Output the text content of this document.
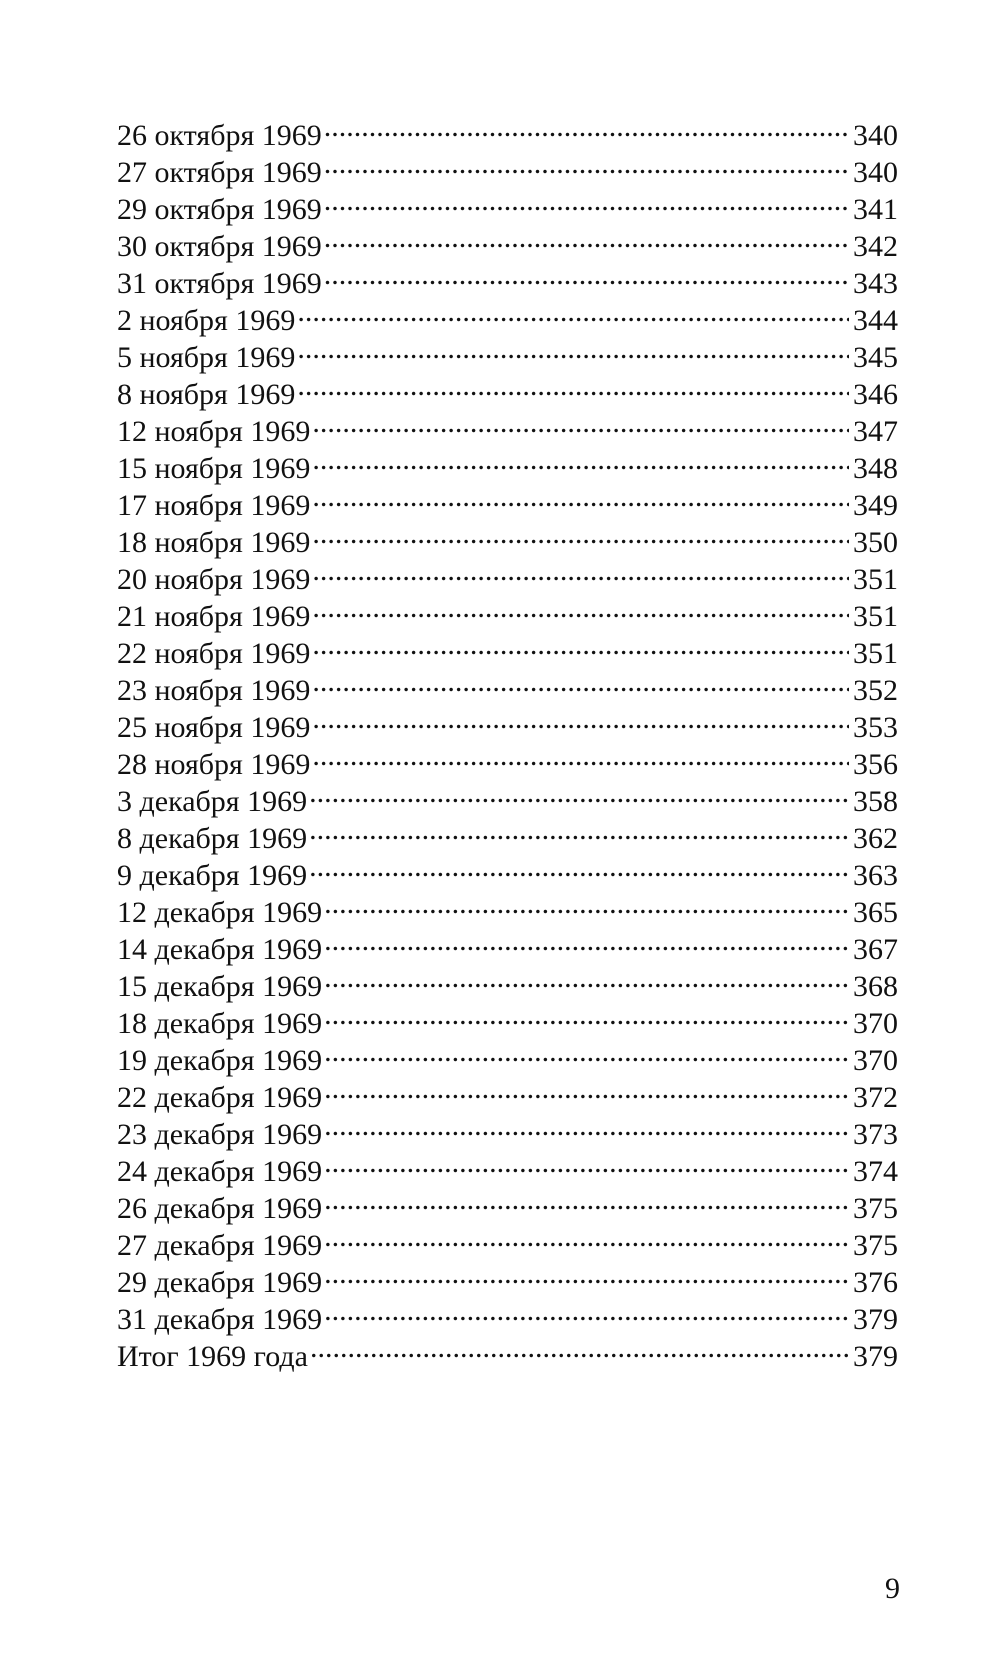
26 октября 1969 .....	340
27 октября 1969 .....	340
29 октября 1969 .....	341
30 октября 1969 .....	342
31 октября 1969 .....	343
2 ноября 1969 .....	344
5 ноября 1969 .....	345
8 ноября 1969 .....	346
12 ноября 1969 .....	347
15 ноября 1969 .....	348
17 ноября 1969 .....	349
18 ноября 1969 .....	350
20 ноября 1969 .....	351
21 ноября 1969 .....	351
22 ноября 1969 .....	351
23 ноября 1969 .....	352
25 ноября 1969 .....	353
28 ноября 1969 .....	356
3 декабря 1969 .....	358
8 декабря 1969 .....	362
9 декабря 1969 .....	363
12 декабря 1969 .....	365
14 декабря 1969 .....	367
15 декабря 1969 .....	368
18 декабря 1969 .....	370
19 декабря 1969 .....	370
22 декабря 1969 .....	372
23 декабря 1969 .....	373
24 декабря 1969 .....	374
26 декабря 1969 .....	375
27 декабря 1969 .....	375
29 декабря 1969 .....	376
31 декабря 1969 .....	379
Итог 1969 года .....	379
9
